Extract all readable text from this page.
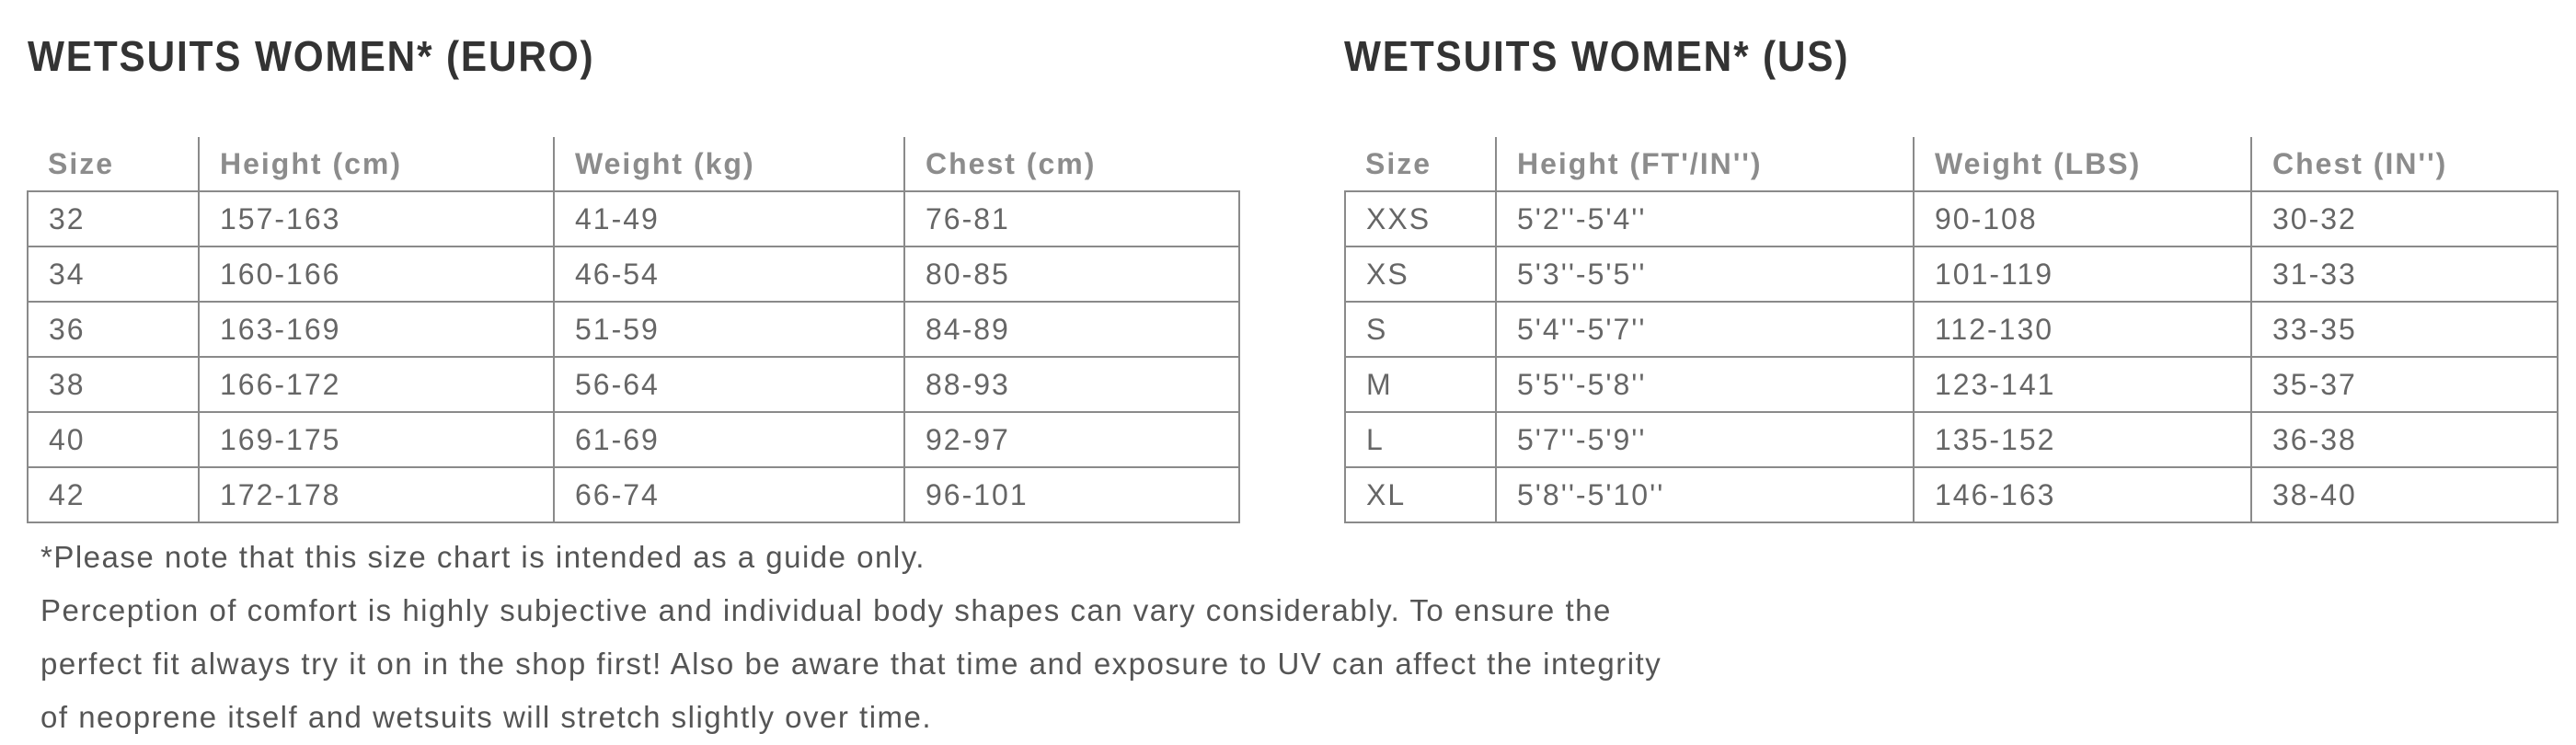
WETSUITS WOMEN* (EURO)	WETSUITS WOMEN* (US)
Size	Height (cm)	Weight (kg)	Chest (cm)
32	157-163	41-49	76-81
34	160-166	46-54	80-85
36	163-169	51-59	84-89
38	166-172	56-64	88-93
40	169-175	61-69	92-97
42	172-178	66-74	96-101
Size	Height (FT'/IN'')	Weight (LBS)	Chest (IN'')
XXS	5'2''-5'4''	90-108	30-32
XS	5'3''-5'5''	101-119	31-33
S	5'4''-5'7''	112-130	33-35
M	5'5''-5'8''	123-141	35-37
L	5'7''-5'9''	135-152	36-38
XL	5'8''-5'10''	146-163	38-40

*Please note that this size chart is intended as a guide only.

Perception of comfort is highly subjective and individual body shapes can vary considerably. To ensure the

perfect fit always try it on in the shop first! Also be aware that time and exposure to UV can affect the integrity

of neoprene itself and wetsuits will stretch slightly over time.
